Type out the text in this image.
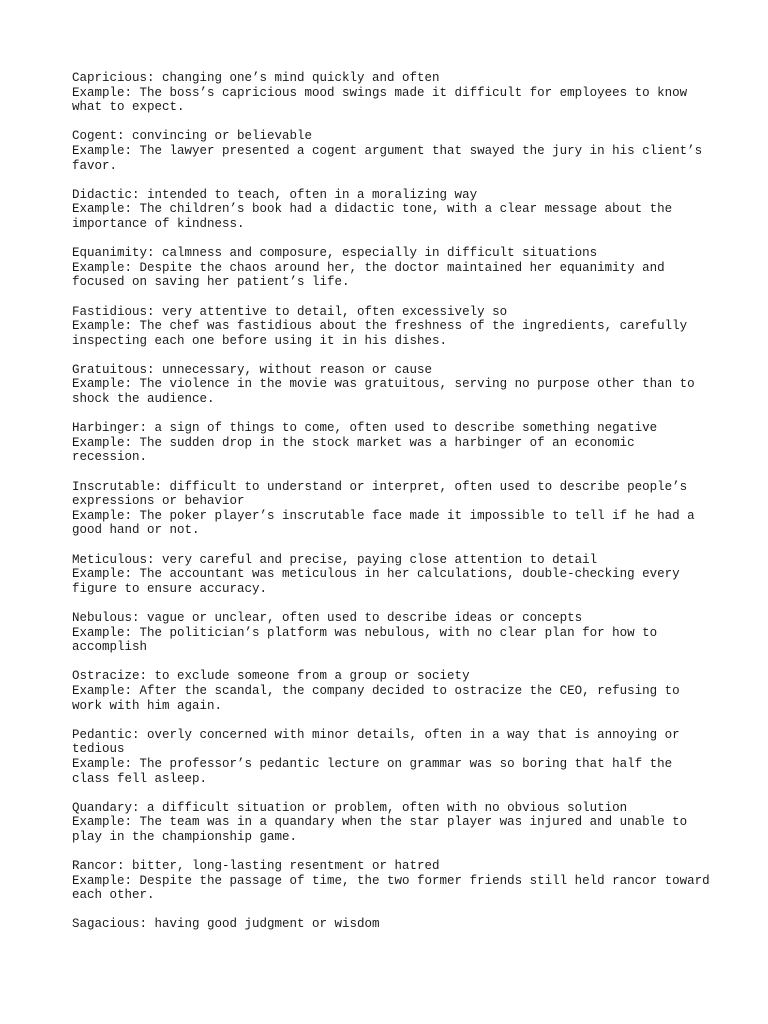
Capricious: changing one’s mind quickly and often
Example: The boss’s capricious mood swings made it difficult for employees to know what to expect.
Cogent: convincing or believable
Example: The lawyer presented a cogent argument that swayed the jury in his client’s favor.
Didactic: intended to teach, often in a moralizing way
Example: The children’s book had a didactic tone, with a clear message about the importance of kindness.
Equanimity: calmness and composure, especially in difficult situations
Example: Despite the chaos around her, the doctor maintained her equanimity and focused on saving her patient’s life.
Fastidious: very attentive to detail, often excessively so
Example: The chef was fastidious about the freshness of the ingredients, carefully inspecting each one before using it in his dishes.
Gratuitous: unnecessary, without reason or cause
Example: The violence in the movie was gratuitous, serving no purpose other than to shock the audience.
Harbinger: a sign of things to come, often used to describe something negative
Example: The sudden drop in the stock market was a harbinger of an economic recession.
Inscrutable: difficult to understand or interpret, often used to describe people’s expressions or behavior
Example: The poker player’s inscrutable face made it impossible to tell if he had a good hand or not.
Meticulous: very careful and precise, paying close attention to detail
Example: The accountant was meticulous in her calculations, double-checking every figure to ensure accuracy.
Nebulous: vague or unclear, often used to describe ideas or concepts
Example: The politician’s platform was nebulous, with no clear plan for how to accomplish
Ostracize: to exclude someone from a group or society
Example: After the scandal, the company decided to ostracize the CEO, refusing to work with him again.
Pedantic: overly concerned with minor details, often in a way that is annoying or tedious
Example: The professor’s pedantic lecture on grammar was so boring that half the class fell asleep.
Quandary: a difficult situation or problem, often with no obvious solution
Example: The team was in a quandary when the star player was injured and unable to play in the championship game.
Rancor: bitter, long-lasting resentment or hatred
Example: Despite the passage of time, the two former friends still held rancor toward each other.
Sagacious: having good judgment or wisdom
